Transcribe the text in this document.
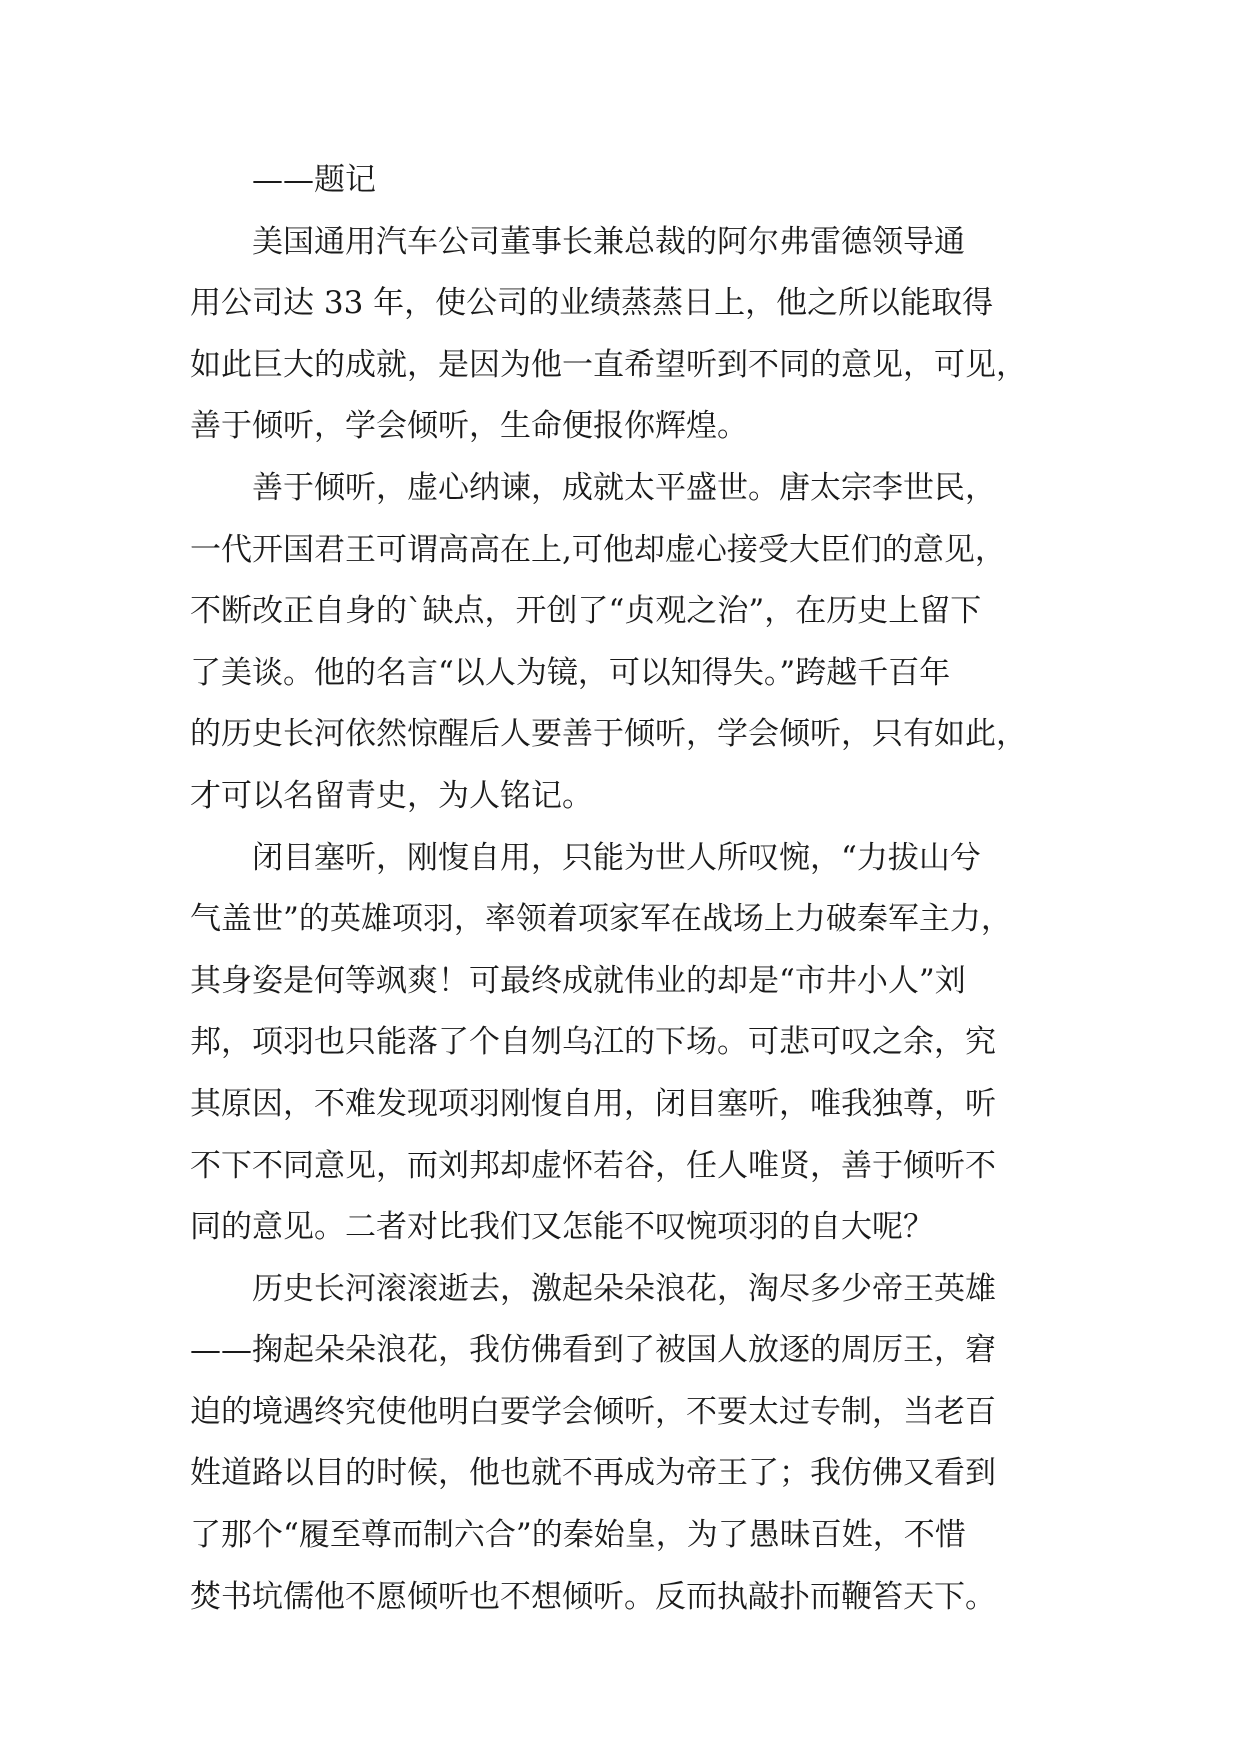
——题记
美国通用汽车公司董事长兼总裁的阿尔弗雷德领导通
用公司达 33 年，使公司的业绩蒸蒸日上，他之所以能取得
如此巨大的成就，是因为他一直希望听到不同的意见，可见，
善于倾听，学会倾听，生命便报你辉煌。
善于倾听，虚心纳谏，成就太平盛世。唐太宗李世民，
一代开国君王可谓高高在上,可他却虚心接受大臣们的意见，
不断改正自身的`缺点，开创了“贞观之治”，在历史上留下
了美谈。他的名言“以人为镜，可以知得失。”跨越千百年
的历史长河依然惊醒后人要善于倾听，学会倾听，只有如此，
才可以名留青史，为人铭记。
闭目塞听，刚愎自用，只能为世人所叹惋，“力拔山兮
气盖世”的英雄项羽，率领着项家军在战场上力破秦军主力，
其身姿是何等飒爽！可最终成就伟业的却是“市井小人”刘
邦，项羽也只能落了个自刎乌江的下场。可悲可叹之余，究
其原因，不难发现项羽刚愎自用，闭目塞听，唯我独尊，听
不下不同意见，而刘邦却虚怀若谷，任人唯贤，善于倾听不
同的意见。二者对比我们又怎能不叹惋项羽的自大呢？
历史长河滚滚逝去，激起朵朵浪花，淘尽多少帝王英雄
——掬起朵朵浪花，我仿佛看到了被国人放逐的周厉王，窘
迫的境遇终究使他明白要学会倾听，不要太过专制，当老百
姓道路以目的时候，他也就不再成为帝王了；我仿佛又看到
了那个“履至尊而制六合”的秦始皇，为了愚昧百姓，不惜
焚书坑儒他不愿倾听也不想倾听。反而执敲扑而鞭笞天下。
